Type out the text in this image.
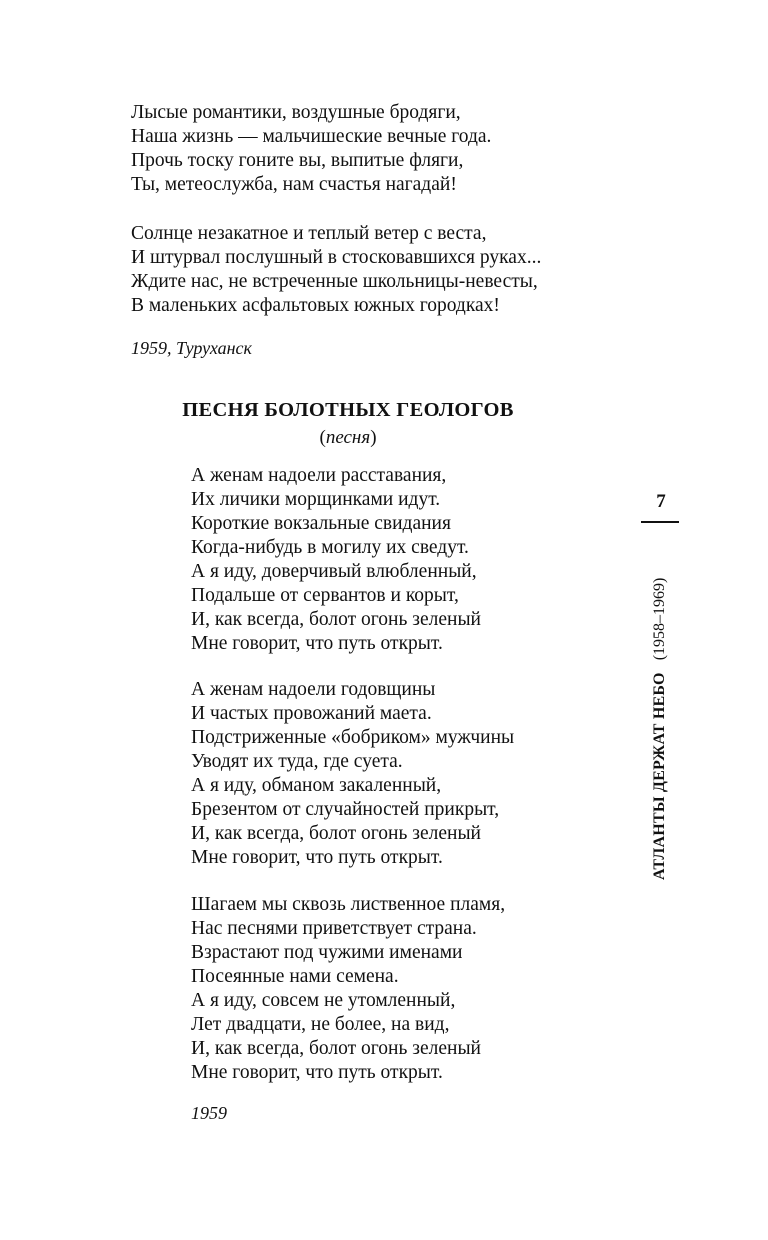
Лысые романтики, воздушные бродяги,
Наша жизнь — мальчишеские вечные года.
Прочь тоску гоните вы, выпитые фляги,
Ты, метеослужба, нам счастья нагадай!
Солнце незакатное и теплый ветер с веста,
И штурвал послушный в стосковавшихся руках...
Ждите нас, не встреченные школьницы-невесты,
В маленьких асфальтовых южных городках!
1959, Туруханск
ПЕСНЯ БОЛОТНЫХ ГЕОЛОГОВ
(песня)
А женам надоели расставания,
Их личики морщинками идут.
Короткие вокзальные свидания
Когда-нибудь в могилу их сведут.
А я иду, доверчивый влюбленный,
Подальше от сервантов и корыт,
И, как всегда, болот огонь зеленый
Мне говорит, что путь открыт.
А женам надоели годовщины
И частых провожаний маета.
Подстриженные «бобриком» мужчины
Уводят их туда, где суета.
А я иду, обманом закаленный,
Брезентом от случайностей прикрыт,
И, как всегда, болот огонь зеленый
Мне говорит, что путь открыт.
Шагаем мы сквозь лиственное пламя,
Нас песнями приветствует страна.
Взрастают под чужими именами
Посеянные нами семена.
А я иду, совсем не утомленный,
Лет двадцати, не более, на вид,
И, как всегда, болот огонь зеленый
Мне говорит, что путь открыт.
1959
7
АТЛАНТЫ ДЕРЖАТ НЕБО (1958–1969)
